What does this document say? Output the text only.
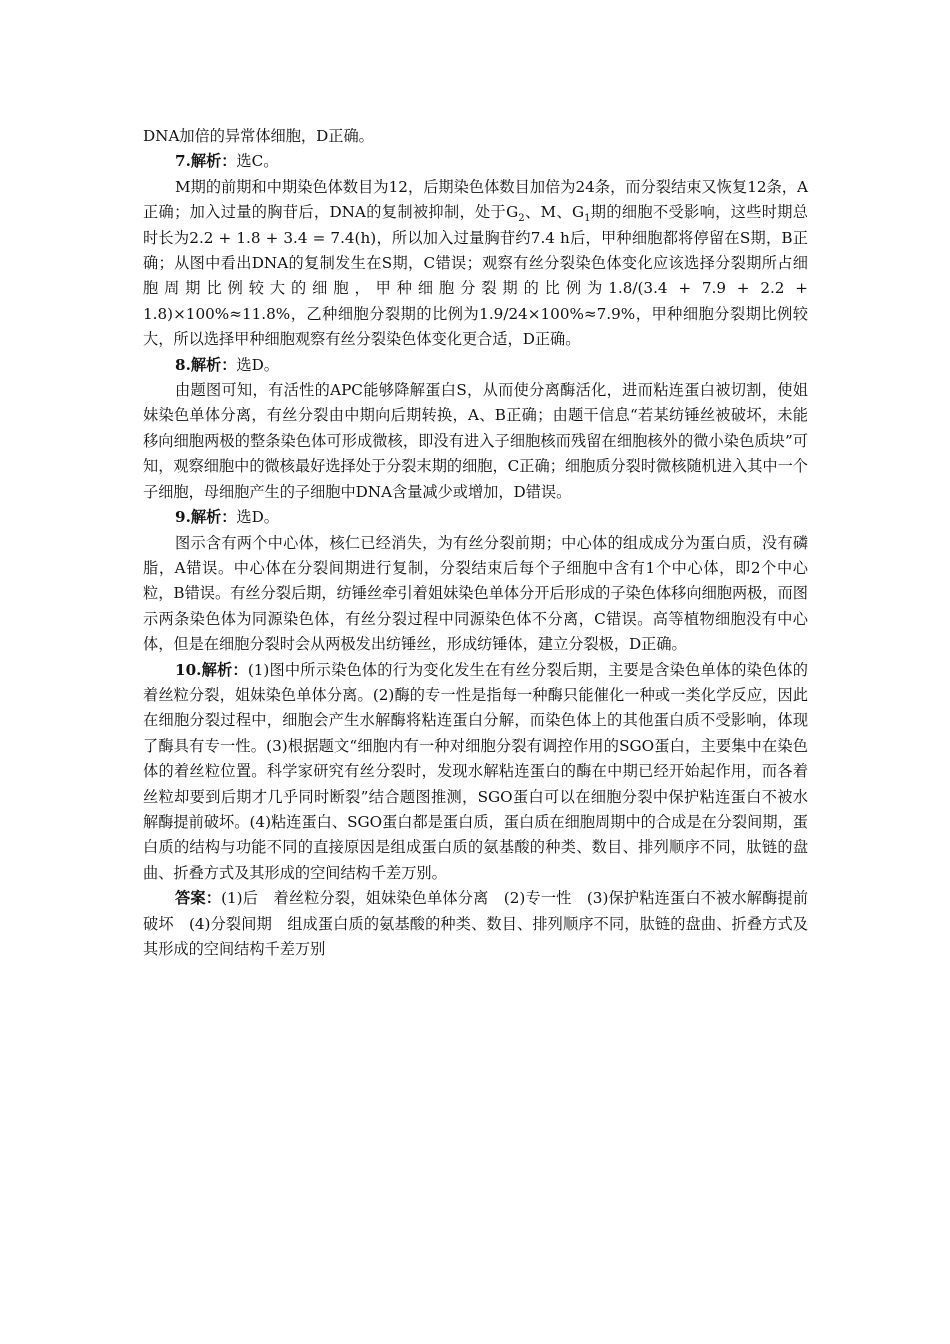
DNA加倍的异常体细胞，D正确。

7.解析：选C。

M期的前期和中期染色体数目为12，后期染色体数目加倍为24条，而分裂结束又恢复12条，A正确；加入过量的胸苷后，DNA的复制被抑制，处于$G_2$、M、$G_1$期的细胞不受影响，这些时期总时长为2.2 + 1.8 + 3.4 = 7.4(h)，所以加入过量胸苷约7.4 h后，甲种细胞都将停留在S期，B正确；从图中看出DNA的复制发生在S期，C错误；观察有丝分裂染色体变化应该选择分裂期所占细胞周期比例较大的细胞，甲种细胞分裂期的比例为1.8/(3.4 + 7.9 + 2.2 + 1.8)×100%≈11.8%，乙种细胞分裂期的比例为1.9/24×100%≈7.9%，甲种细胞分裂期比例较大，所以选择甲种细胞观察有丝分裂染色体变化更合适，D正确。

8.解析：选D。

由题图可知，有活性的APC能够降解蛋白S，从而使分离酶活化，进而粘连蛋白被切割，使姐妹染色单体分离，有丝分裂由中期向后期转换，A、B正确；由题干信息“若某纺锤丝被破坏，未能移向细胞两极的整条染色体可形成微核，即没有进入子细胞核而残留在细胞核外的微小染色质块”可知，观察细胞中的微核最好选择处于分裂末期的细胞，C正确；细胞质分裂时微核随机进入其中一个子细胞，母细胞产生的子细胞中DNA含量减少或增加，D错误。

9.解析：选D。

图示含有两个中心体，核仁已经消失，为有丝分裂前期；中心体的组成成分为蛋白质，没有磷脂，A错误。中心体在分裂间期进行复制，分裂结束后每个子细胞中含有1个中心体，即2个中心粒，B错误。有丝分裂后期，纺锤丝牵引着姐妹染色单体分开后形成的子染色体移向细胞两极，而图示两条染色体为同源染色体，有丝分裂过程中同源染色体不分离，C错误。高等植物细胞没有中心体，但是在细胞分裂时会从两极发出纺锤丝，形成纺锤体，建立分裂极，D正确。

10.解析：(1)图中所示染色体的行为变化发生在有丝分裂后期，主要是含染色单体的染色体的着丝粒分裂，姐妹染色单体分离。(2)酶的专一性是指每一种酶只能催化一种或一类化学反应，因此在细胞分裂过程中，细胞会产生水解酶将粘连蛋白分解，而染色体上的其他蛋白质不受影响，体现了酶具有专一性。(3)根据题文“细胞内有一种对细胞分裂有调控作用的SGO蛋白，主要集中在染色体的着丝粒位置。科学家研究有丝分裂时，发现水解粘连蛋白的酶在中期已经开始起作用，而各着丝粒却要到后期才几乎同时断裂”结合题图推测，SGO蛋白可以在细胞分裂中保护粘连蛋白不被水解酶提前破坏。(4)粘连蛋白、SGO蛋白都是蛋白质，蛋白质在细胞周期中的合成是在分裂间期，蛋白质的结构与功能不同的直接原因是组成蛋白质的氨基酸的种类、数目、排列顺序不同，肽链的盘曲、折叠方式及其形成的空间结构千差万别。

答案：(1)后　着丝粒分裂，姐妹染色单体分离　(2)专一性　(3)保护粘连蛋白不被水解酶提前破坏　(4)分裂间期　组成蛋白质的氨基酸的种类、数目、排列顺序不同，肽链的盘曲、折叠方式及其形成的空间结构千差万别
